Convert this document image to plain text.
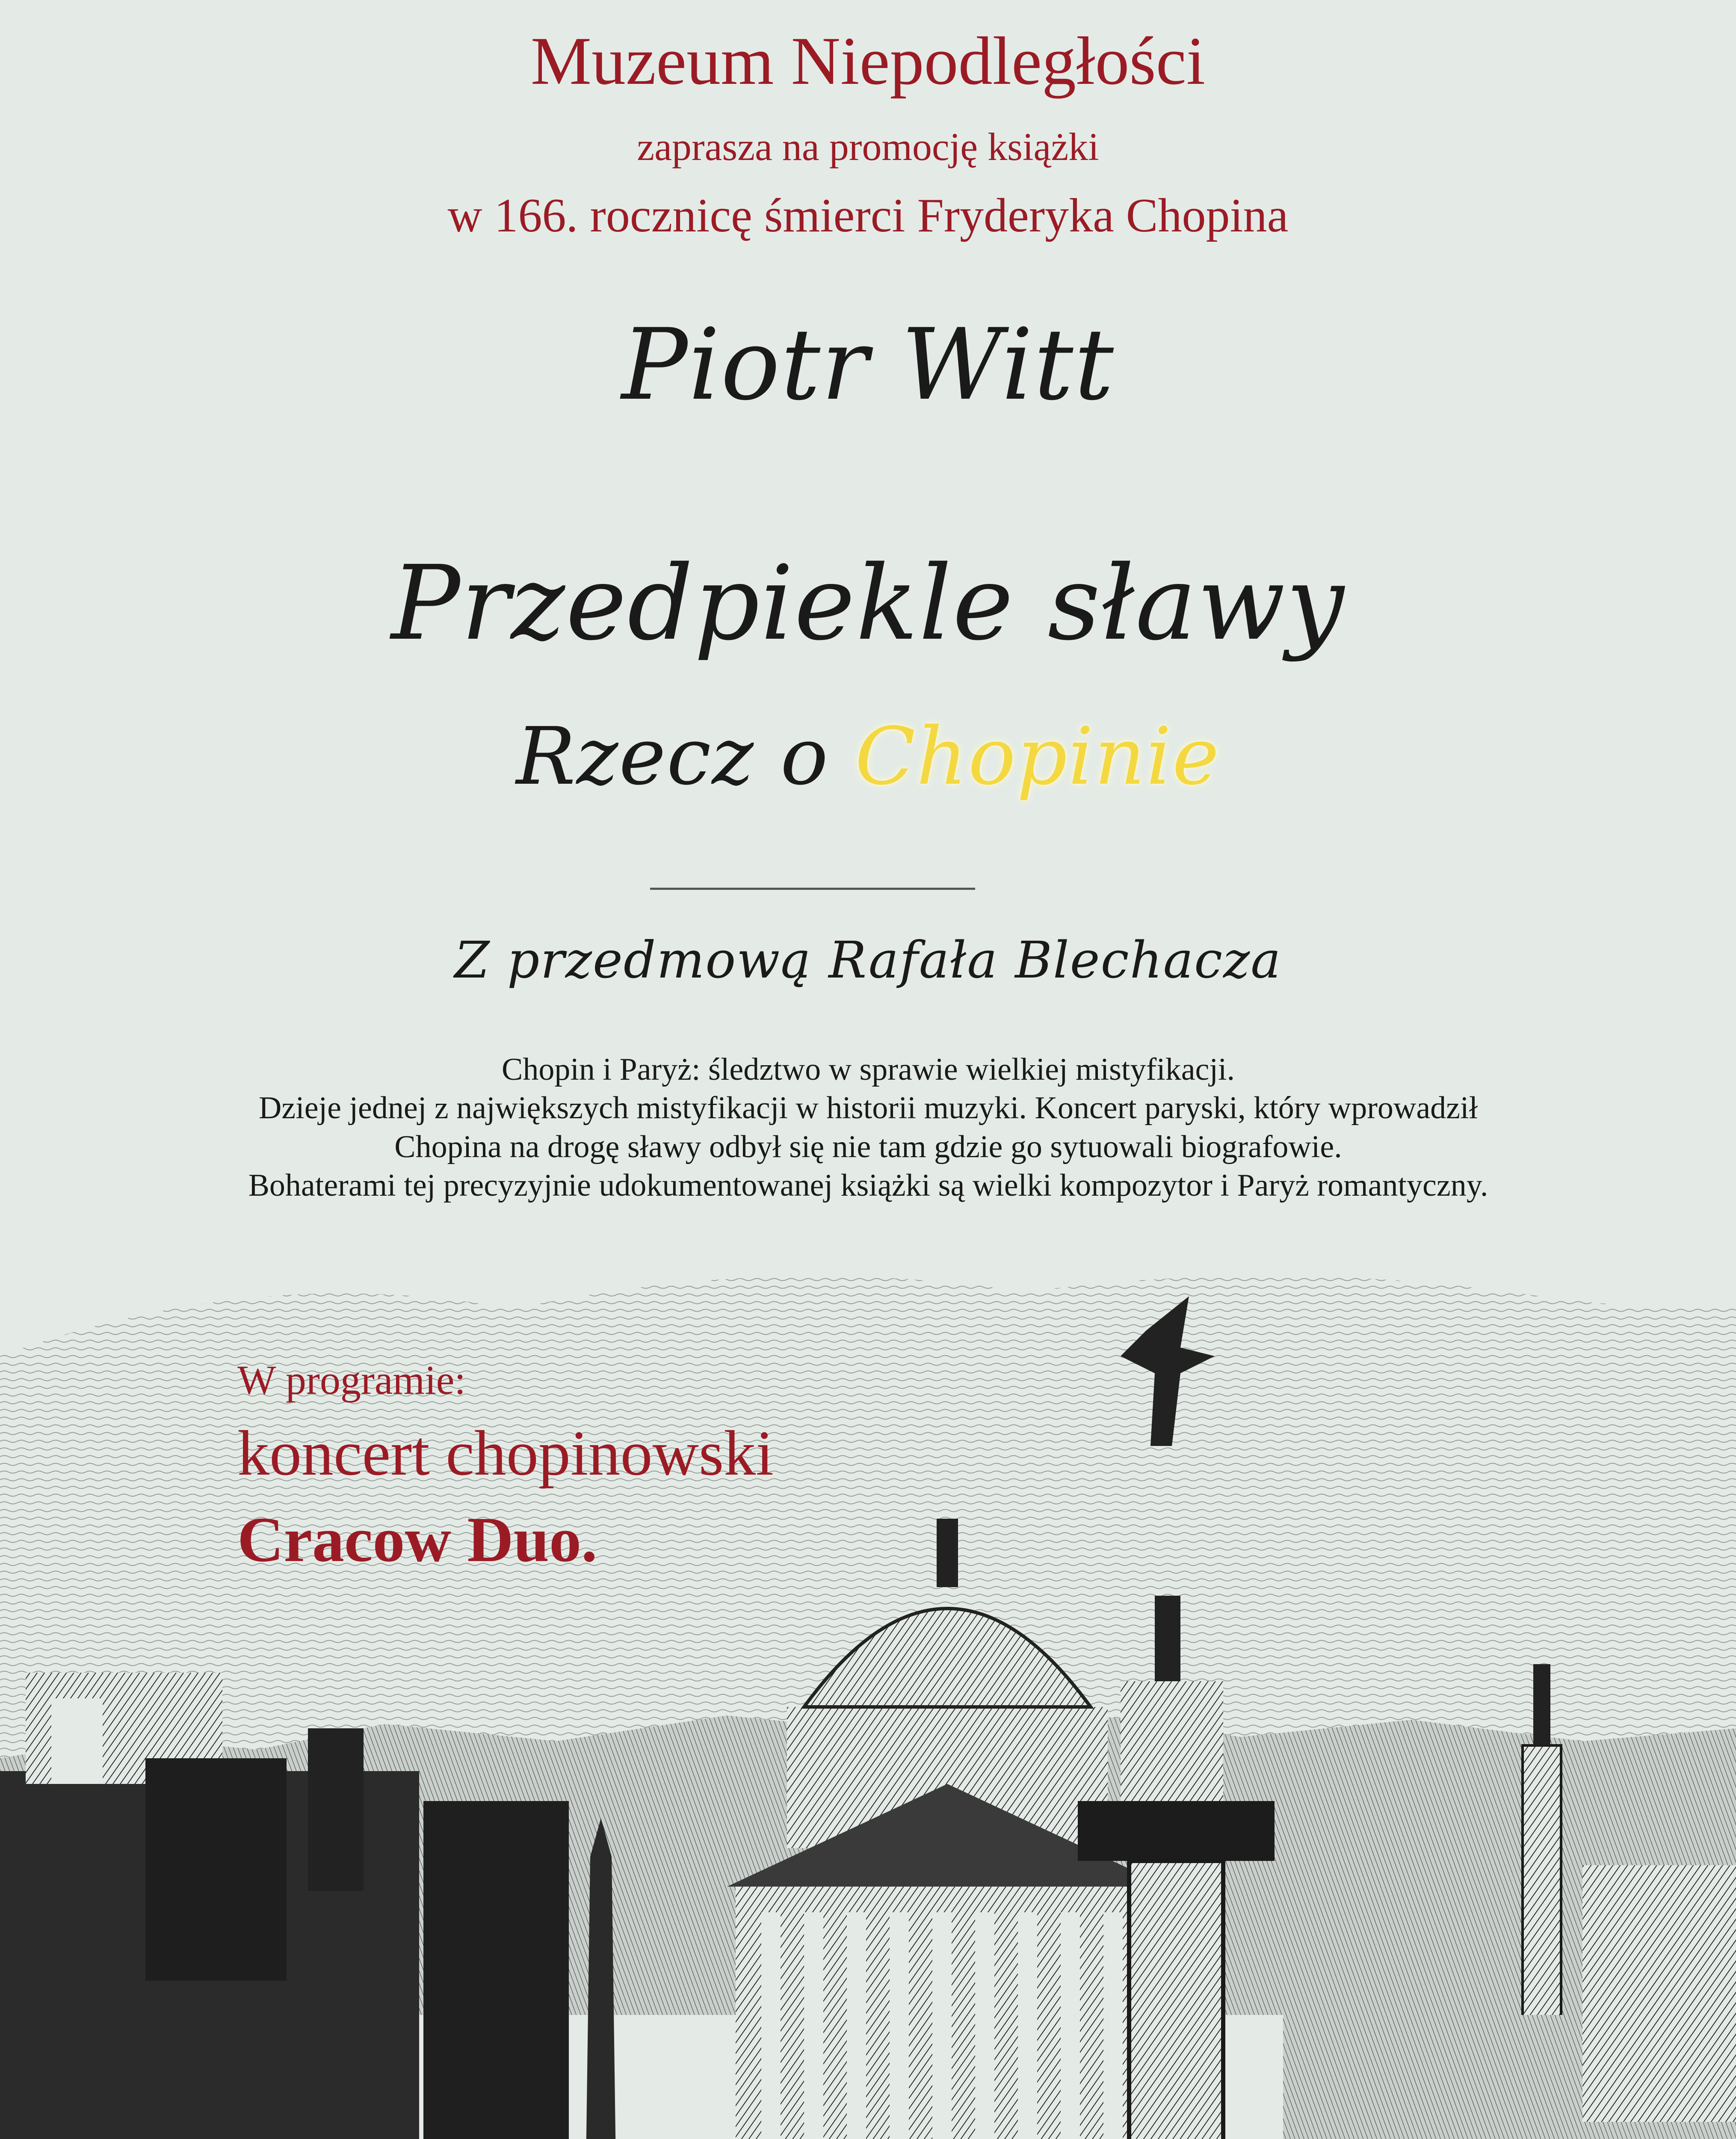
Muzeum Niepodległości
zaprasza na promocję książki
w 166. rocznicę śmierci Fryderyka Chopina
Piotr Witt
Przedpiekle sławy
Rzecz o Chopinie
Z przedmową Rafała Blechacza

Chopin i Paryż: śledztwo w sprawie wielkiej mistyfikacji.

Dzieje jednej z największych mistyfikacji w historii muzyki. Koncert paryski, który wprowadził

Chopina na drogę sławy odbył się nie tam gdzie go sytuowali biografowie.

Bohaterami tej precyzyjnie udokumentowanej książki są wielki kompozytor i Paryż romantyczny.

W programie:
koncert chopinowski
Cracow Duo.
